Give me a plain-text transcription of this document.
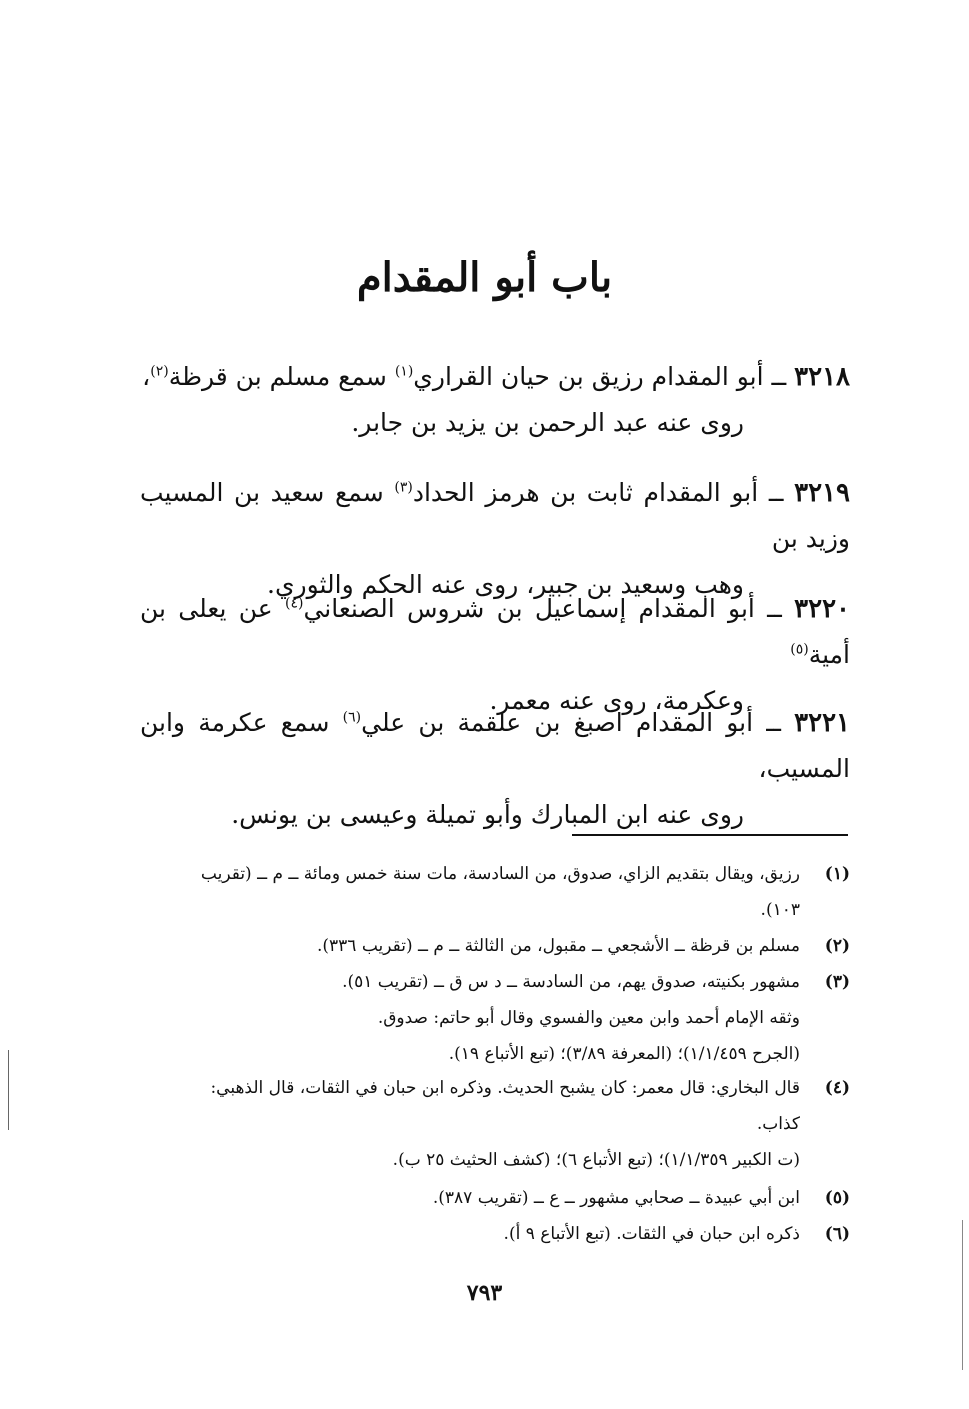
باب أبو المقدام

٣٢١٨ ــ أبو المقدام رزيق بن حيان القراري$^{(١)}$ سمع مسلم بن قرظة$^{(٢)}$،

روى عنه عبد الرحمن بن يزيد بن جابر.

٣٢١٩ ــ أبو المقدام ثابت بن هرمز الحداد$^{(٣)}$ سمع سعيد بن المسيب وزيد بن

وهب وسعيد بن جبير، روى عنه الحكم والثوري.

٣٢٢٠ ــ أبو المقدام إسماعيل بن شروس الصنعاني$^{(٤)}$ عن يعلى بن أمية$^{(٥)}$

وعكرمة، روى عنه معمر.

٣٢٢١ ــ أبو المقدام اصبغ بن علقمة بن علي$^{(٦)}$ سمع عكرمة وابن المسيب،

روى عنه ابن المبارك وأبو تميلة وعيسى بن يونس.

(١)رزيق، ويقال بتقديم الزاي، صدوق، من السادسة، مات سنة خمس ومائة ــ م ــ (تقريب

١٠٣).

(٢)مسلم بن قرظة ــ الأشجعي ــ مقبول، من الثالثة ــ م ــ (تقريب ٣٣٦).

(٣)مشهور بكنيته، صدوق يهم، من السادسة ــ د س ق ــ (تقريب ٥١).

وثقه الإمام أحمد وابن معين والفسوي وقال أبو حاتم: صدوق.

(الجرح ١/١/٤٥٩)؛ (المعرفة ٣/٨٩)؛ (تبع الأتباع ١٩).

(٤)قال البخاري: قال معمر: كان يشبح الحديث. وذكره ابن حبان في الثقات، قال الذهبي:

كذاب.

(ت الكبير ١/١/٣٥٩)؛ (تبع الأتباع ٦)؛ (كشف الحثيث ٢٥ ب).

(٥)ابن أبي عبيدة ــ صحابي مشهور ــ ع ــ (تقريب ٣٨٧).

(٦)ذكره ابن حبان في الثقات. (تبع الأتباع ٩ أ).

٧٩٣
